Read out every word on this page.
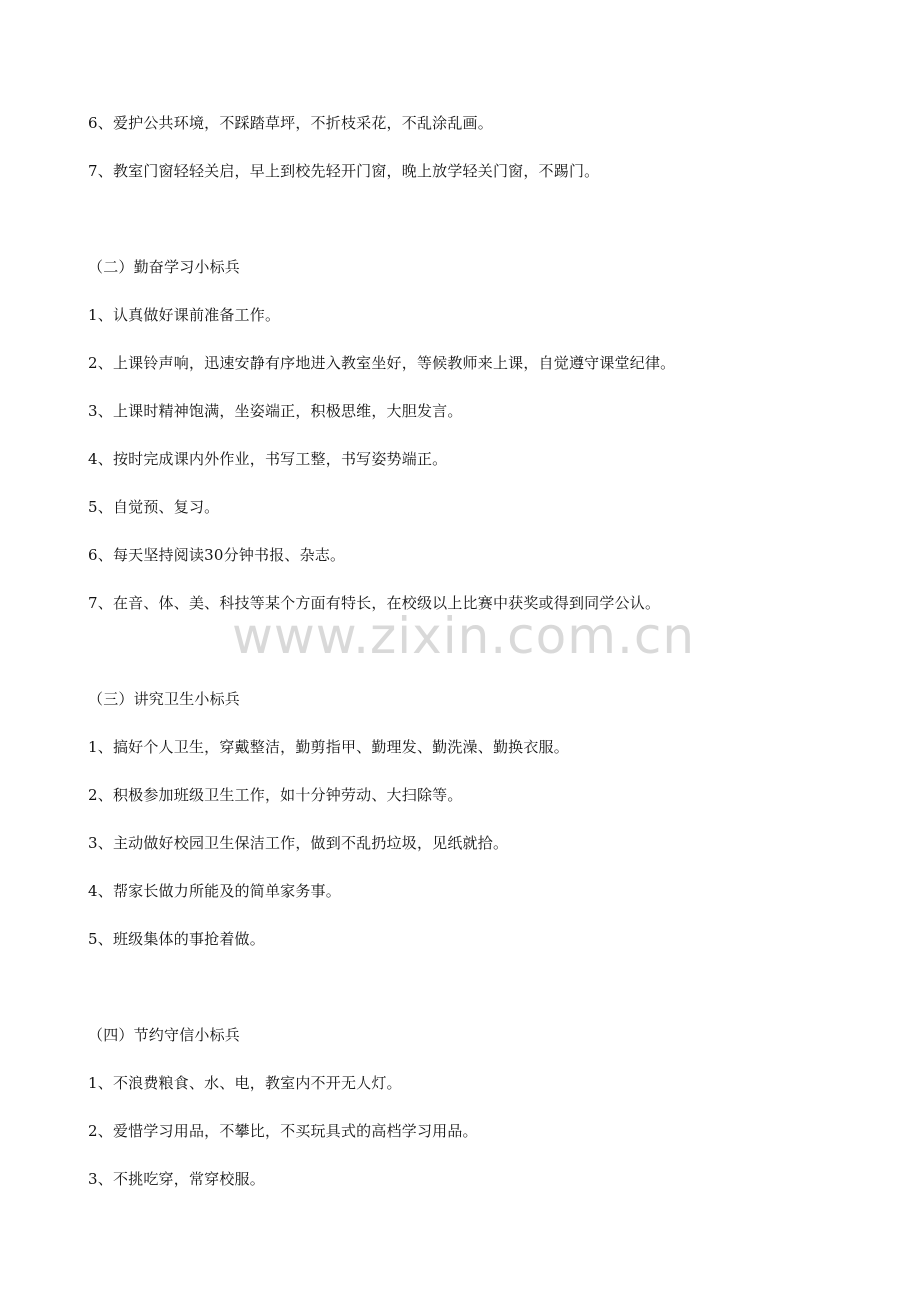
6、爱护公共环境，不踩踏草坪，不折枝采花，不乱涂乱画。
7、教室门窗轻轻关启，早上到校先轻开门窗，晚上放学轻关门窗，不踢门。
（二）勤奋学习小标兵
1、认真做好课前准备工作。
2、上课铃声响，迅速安静有序地进入教室坐好，等候教师来上课，自觉遵守课堂纪律。
3、上课时精神饱满，坐姿端正，积极思维，大胆发言。
4、按时完成课内外作业，书写工整，书写姿势端正。
5、自觉预、复习。
6、每天坚持阅读30分钟书报、杂志。
7、在音、体、美、科技等某个方面有特长，在校级以上比赛中获奖或得到同学公认。
www.zixin.com.cn
（三）讲究卫生小标兵
1、搞好个人卫生，穿戴整洁，勤剪指甲、勤理发、勤洗澡、勤换衣服。
2、积极参加班级卫生工作，如十分钟劳动、大扫除等。
3、主动做好校园卫生保洁工作，做到不乱扔垃圾，见纸就拾。
4、帮家长做力所能及的简单家务事。
5、班级集体的事抢着做。
（四）节约守信小标兵
1、不浪费粮食、水、电，教室内不开无人灯。
2、爱惜学习用品，不攀比，不买玩具式的高档学习用品。
3、不挑吃穿，常穿校服。
